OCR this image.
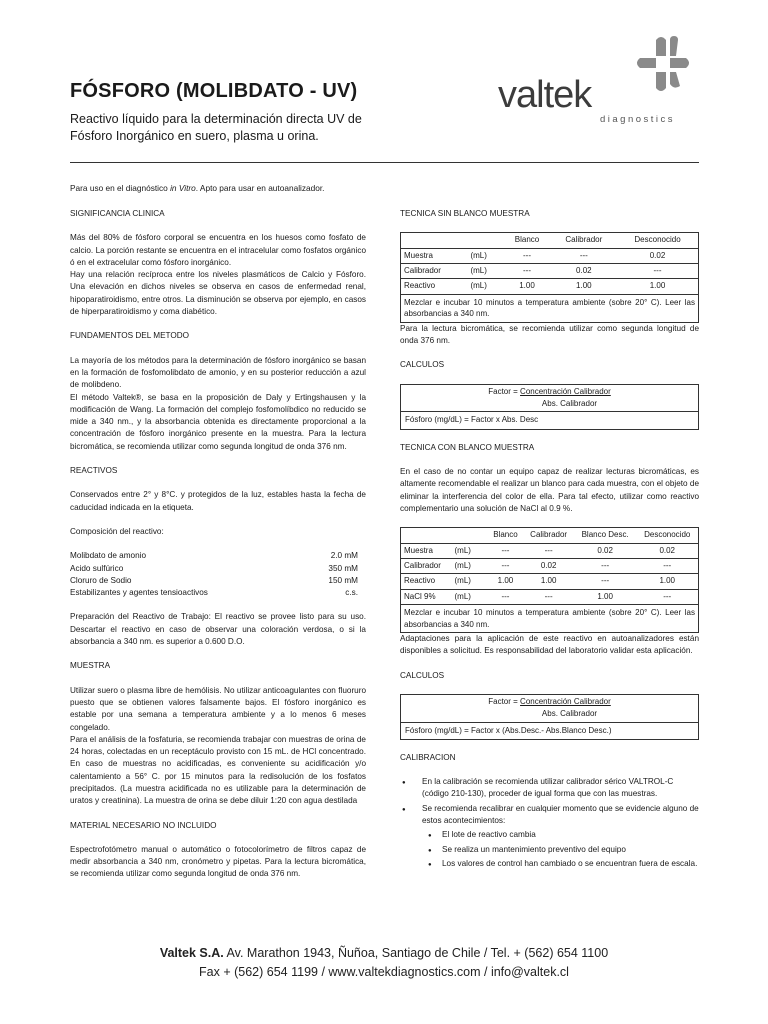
FÓSFORO (MOLIBDATO - UV)
Reactivo líquido para la determinación directa UV de Fósforo Inorgánico en suero, plasma u orina.
valtek
diagnostics
Para uso en el diagnóstico in Vitro. Apto para usar en autoanalizador.
SIGNIFICANCIA CLINICA

Más del 80% de fósforo corporal se encuentra en los huesos como fosfato de calcio. La porción restante se encuentra en el intracelular como fosfatos orgánico ó en el extracelular como fósforo inorgánico.

Hay una relación recíproca entre los niveles plasmáticos de Calcio y Fósforo. Una elevación en dichos niveles se observa en casos de enfermedad renal, hipoparatiroidismo, entre otros. La disminución se observa por ejemplo, en casos de hiperparatiroidismo y coma diabético.

FUNDAMENTOS DEL METODO

La mayoría de los métodos para la determinación de fósforo inorgánico se basan en la formación de fosfomolibdato de amonio, y en su posterior reducción a azul de molibdeno.

El método Valtek®, se basa en la proposición de Daly y Ertingshausen y la modificación de Wang. La formación del complejo fosfomolíbdico no reducido se mide a 340 nm., y la absorbancia obtenida es directamente proporcional a la concentración de fósforo inorgánico presente en la muestra. Para la lectura bicromática, se recomienda utilizar como segunda longitud de onda 376 nm.

REACTIVOS

Conservados entre 2° y 8°C. y protegidos de la luz, estables hasta la fecha de caducidad indicada en la etiqueta.

Composición del reactivo:
Molibdato de amonio	2.0 mM
Acido sulfúrico	350 mM
Cloruro de Sodio	150 mM
Estabilizantes y agentes tensioactivos	c.s.

Preparación del Reactivo de Trabajo: El reactivo se provee listo para su uso. Descartar el reactivo en caso de observar una coloración verdosa, o si la absorbancia a 340 nm. es superior a 0.600 D.O.

MUESTRA

Utilizar suero o plasma libre de hemólisis. No utilizar anticoagulantes con fluoruro puesto que se obtienen valores falsamente bajos. El fósforo inorgánico es estable por una semana a temperatura ambiente y a lo menos 6 meses congelado.

Para el análisis de la fosfaturia, se recomienda trabajar con muestras de orina de 24 horas, colectadas en un receptáculo provisto con 15 mL. de HCl concentrado. En caso de muestras no acidificadas, es conveniente su acidificación y/o calentamiento a 56° C. por 15 minutos para la redisolución de los fosfatos precipitados. (La muestra acidificada no es utilizable para la determinación de uratos y creatinina). La muestra de orina se debe diluir 1:20 con agua destilada

MATERIAL NECESARIO NO INCLUIDO

Espectrofotómetro manual o automático o fotocolorímetro de filtros capaz de medir absorbancia a 340 nm, cronómetro y pipetas. Para la lectura bicromática, se recomienda utilizar como segunda longitud de onda 376 nm.

TECNICA SIN BLANCO MUESTRA
		Blanco	Calibrador	Desconocido
Muestra	(mL)	---	---	0.02
Calibrador	(mL)	---	0.02	---
Reactivo	(mL)	1.00	1.00	1.00
Mezclar e incubar 10 minutos a temperatura ambiente (sobre 20° C). Leer las absorbancias a 340 nm.

Para la lectura bicromática, se recomienda utilizar como segunda longitud de onda 376 nm.

CALCULOS
Factor = Concentración Calibrador
Abs. Calibrador
Fósforo (mg/dL) = Factor x Abs. Desc
TECNICA CON BLANCO MUESTRA

En el caso de no contar un equipo capaz de realizar lecturas bicromáticas, es altamente recomendable el realizar un blanco para cada muestra, con el objeto de eliminar la interferencia del color de ella. Para tal efecto, utilizar como reactivo complementario una solución de NaCl al 0.9 %.

		Blanco	Calibrador	Blanco Desc.	Desconocido
Muestra	(mL)	---	---	0.02	0.02
Calibrador	(mL)	---	0.02	---	---
Reactivo	(mL)	1.00	1.00	---	1.00
NaCl 9%	(mL)	---	---	1.00	---
Mezclar e incubar 10 minutos a temperatura ambiente (sobre 20° C). Leer las absorbancias a 340 nm.

Adaptaciones para la aplicación de este reactivo en autoanalizadores están disponibles a solicitud. Es responsabilidad del laboratorio validar esta aplicación.

CALCULOS
Factor = Concentración Calibrador
Abs. Calibrador
Fósforo (mg/dL) = Factor x (Abs.Desc.- Abs.Blanco Desc.)
CALIBRACION
● En la calibración se recomienda utilizar calibrador sérico VALTROL-C (código 210-130), proceder de igual forma que con las muestras.
● Se recomienda recalibrar en cualquier momento que se evidencie alguno de estos acontecimientos:
● El lote de reactivo cambia
● Se realiza un mantenimiento preventivo del equipo
● Los valores de control han cambiado o se encuentran fuera de escala.
Valtek S.A. Av. Marathon 1943, Ñuñoa, Santiago de Chile / Tel. + (562) 654 1100
Fax + (562) 654 1199 / www.valtekdiagnostics.com / info@valtek.cl
